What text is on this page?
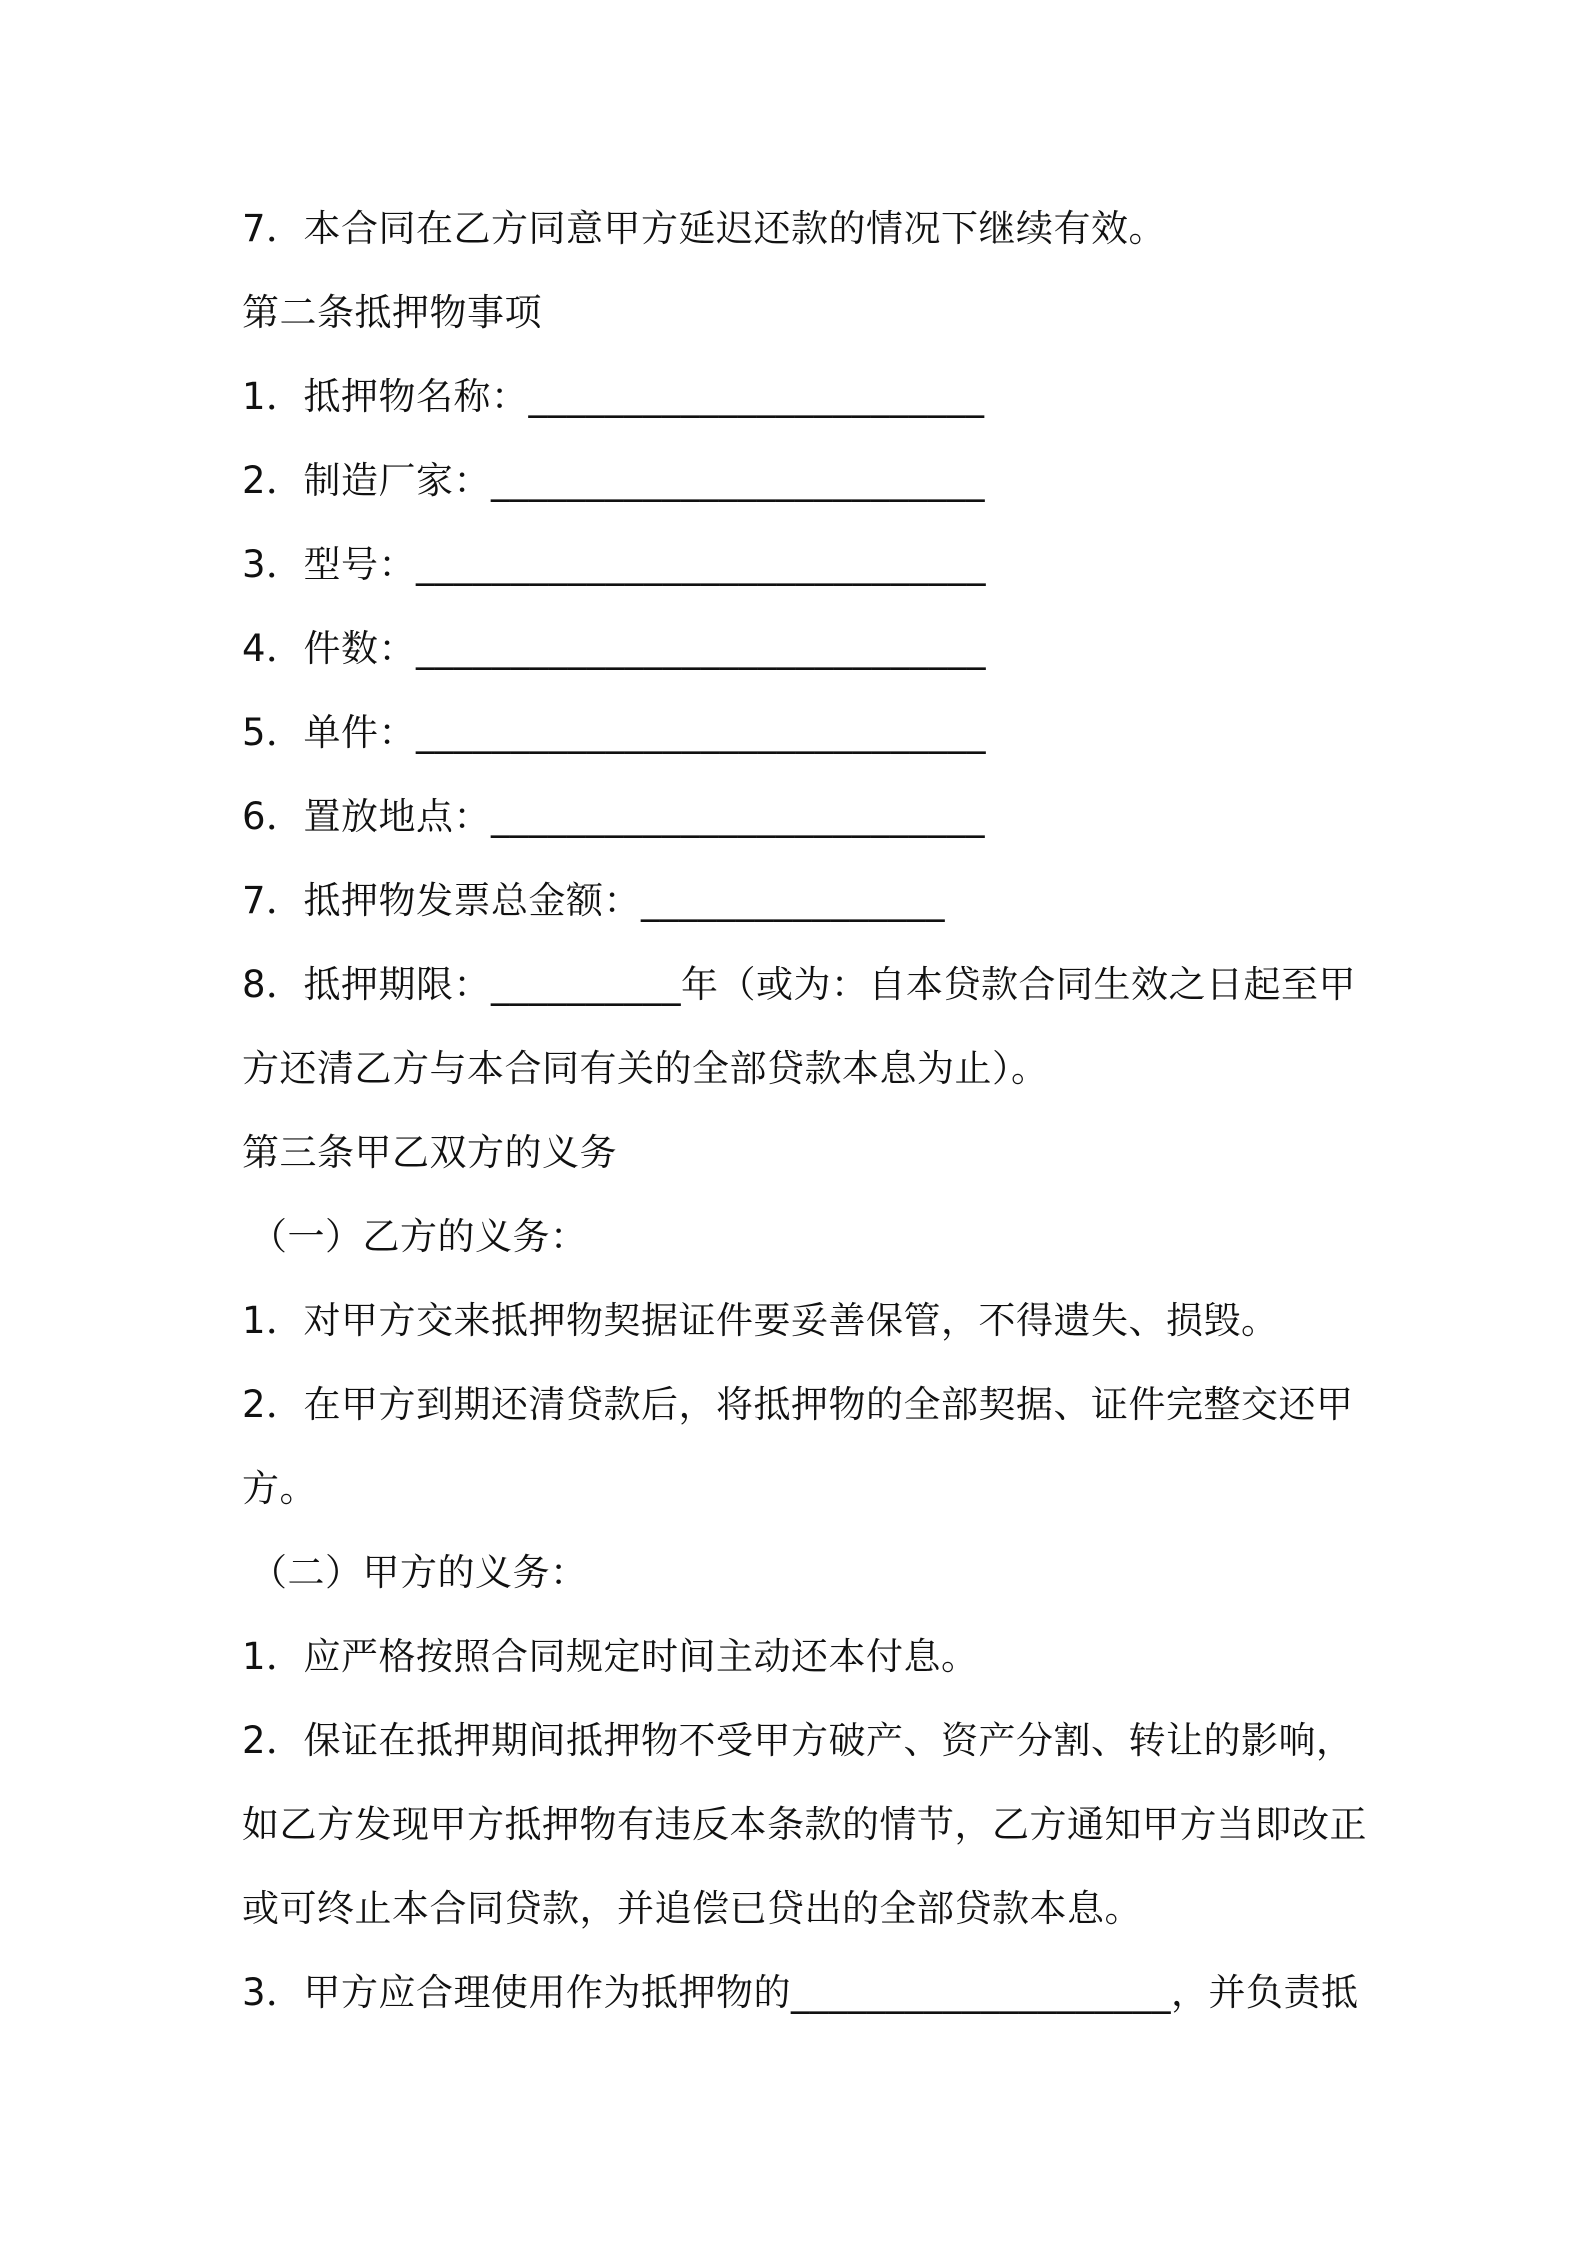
7．本合同在乙方同意甲方延迟还款的情况下继续有效。
第二条抵押物事项
1．抵押物名称：________________________
2．制造厂家：__________________________
3．型号：______________________________
4．件数：______________________________
5．单件：______________________________
6．置放地点：__________________________
7．抵押物发票总金额：________________
8．抵押期限：__________年（或为：自本贷款合同生效之日起至甲
方还清乙方与本合同有关的全部贷款本息为止）。
第三条甲乙双方的义务
（一）乙方的义务：
1．对甲方交来抵押物契据证件要妥善保管，不得遗失、损毁。
2．在甲方到期还清贷款后，将抵押物的全部契据、证件完整交还甲
方。
（二）甲方的义务：
1．应严格按照合同规定时间主动还本付息。
2．保证在抵押期间抵押物不受甲方破产、资产分割、转让的影响，
如乙方发现甲方抵押物有违反本条款的情节，乙方通知甲方当即改正
或可终止本合同贷款，并追偿已贷出的全部贷款本息。
3．甲方应合理使用作为抵押物的____________________，并负责抵
